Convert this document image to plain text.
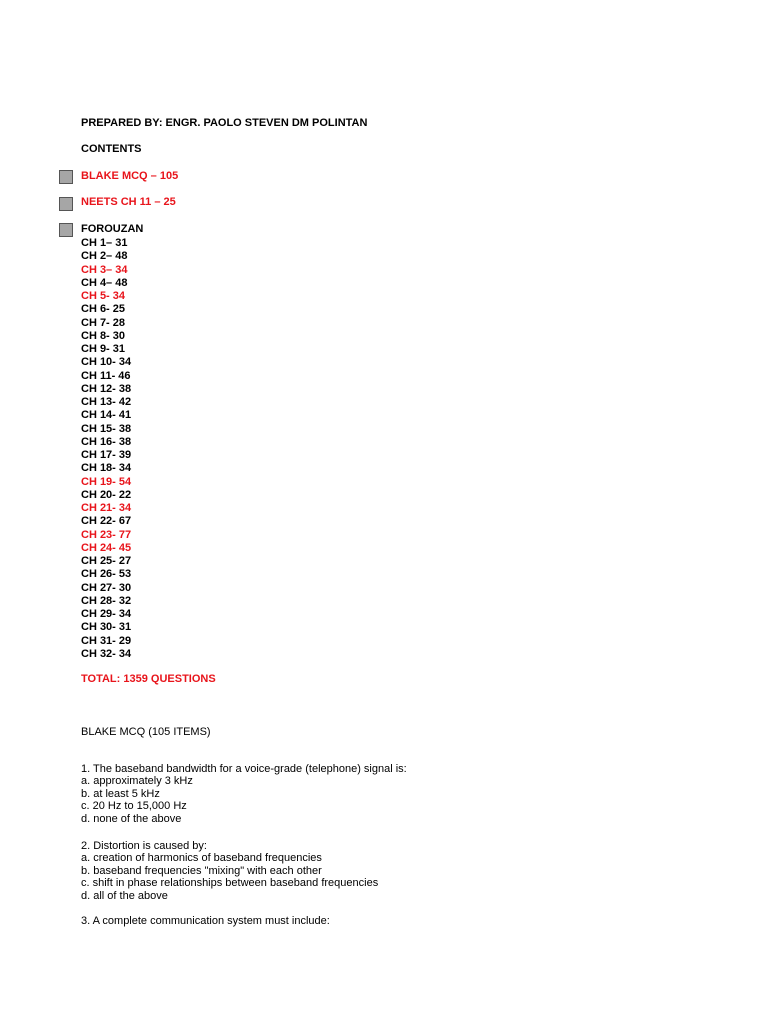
PREPARED BY: ENGR. PAOLO STEVEN DM POLINTAN
CONTENTS
BLAKE MCQ – 105
NEETS CH 11 – 25
FOROUZAN
CH 1– 31
CH 2– 48
CH 3– 34
CH 4– 48
CH 5- 34
CH 6- 25
CH 7- 28
CH 8- 30
CH 9- 31
CH 10- 34
CH 11- 46
CH 12- 38
CH 13- 42
CH 14- 41
CH 15- 38
CH 16- 38
CH 17- 39
CH 18- 34
CH 19- 54
CH 20- 22
CH 21- 34
CH 22- 67
CH 23- 77
CH 24- 45
CH 25- 27
CH 26- 53
CH 27- 30
CH 28- 32
CH 29- 34
CH 30- 31
CH 31- 29
CH 32- 34
TOTAL: 1359 QUESTIONS
BLAKE MCQ (105 ITEMS)
1. The baseband bandwidth for a voice-grade (telephone) signal is:
a. approximately 3 kHz
b. at least 5 kHz
c. 20 Hz to 15,000 Hz
d. none of the above
2. Distortion is caused by:
a. creation of harmonics of baseband frequencies
b. baseband frequencies "mixing" with each other
c. shift in phase relationships between baseband frequencies
d. all of the above
3. A complete communication system must include:
